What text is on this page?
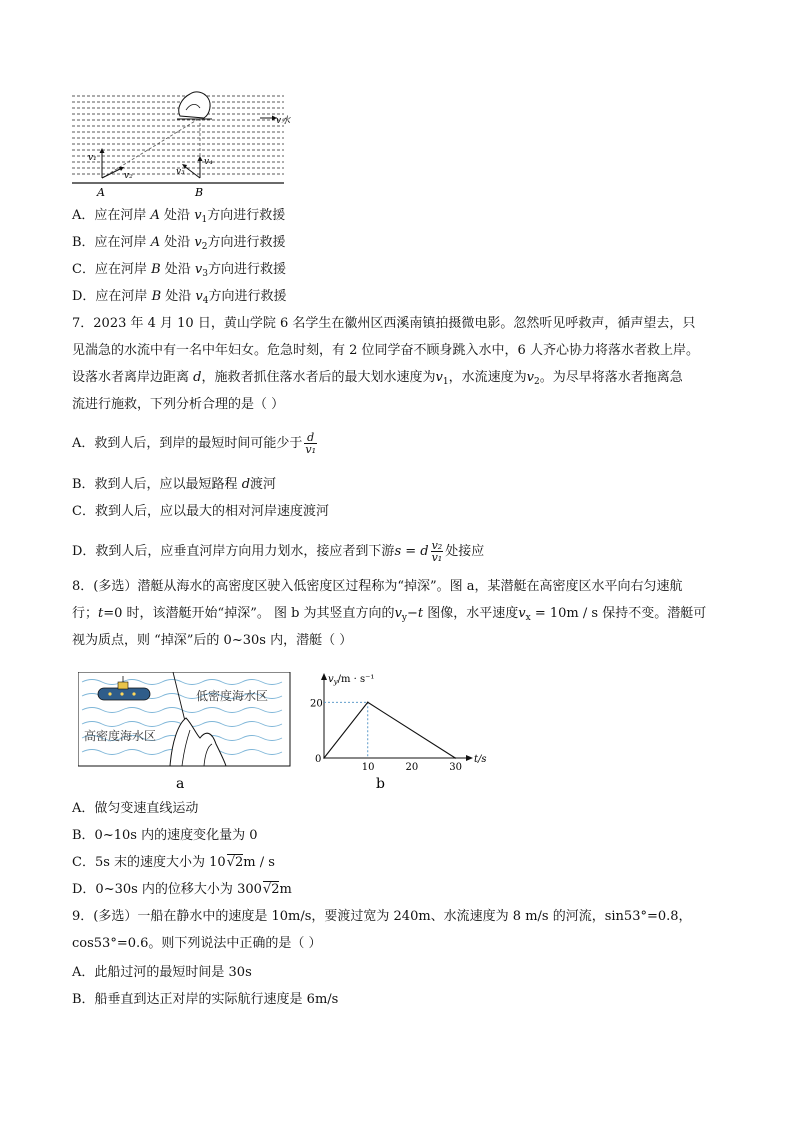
v水
v₁
v₂	v₃
v₄
A	B
A．应在河岸 A 处沿 $v_1$方向进行救援
B．应在河岸 A 处沿 $v_2$方向进行救援
C．应在河岸 B 处沿 $v_3$方向进行救援
D．应在河岸 B 处沿 $v_4$方向进行救援
7．2023 年 4 月 10 日，黄山学院 6 名学生在徽州区西溪南镇拍摄微电影。忽然听见呼救声，循声望去，只
见湍急的水流中有一名中年妇女。危急时刻，有 2 位同学奋不顾身跳入水中，6 人齐心协力将落水者救上岸。
设落水者离岸边距离 d，施救者抓住落水者后的最大划水速度为$v_1$，水流速度为$v_2$。为尽早将落水者拖离急
流进行施救，下列分析合理的是（ ）
A．救到人后，到岸的最短时间可能少于 $\frac{d}{\text{v₁}}$
B．救到人后，应以最短路程 d渡河
C．救到人后，应以最大的相对河岸速度渡河
D．救到人后，应垂直河岸方向用力划水，接应者到下游s = d $\frac{\text{v₂}}{\text{v₁}}$ 处接应
8．(多选）潜艇从海水的高密度区驶入低密度区过程称为“掉深”。图 a，某潜艇在高密度区水平向右匀速航
行；t=0 时，该潜艇开始“掉深”。 图 b 为其竖直方向的$v_y-t$ 图像，水平速度$v_x = 10m / s$ 保持不变。潜艇可
视为质点，则 “掉深”后的 0~30s 内，潜艇（ ）
低密度海水区
高密度海水区
a
$v_y/m \cdot s^{-1}$
t/s
0
10	20	30
20
b
A．做匀变速直线运动
B．0~10s 内的速度变化量为 0
C．5s 末的速度大小为 10√2m / s
D．0~30s 内的位移大小为 300√2m
9．(多选）一船在静水中的速度是 10m/s，要渡过宽为 240m、水流速度为 8 m/s 的河流，sin53°=0.8，
cos53°=0.6。则下列说法中正确的是（ ）
A．此船过河的最短时间是 30s
B．船垂直到达正对岸的实际航行速度是 6m/s
